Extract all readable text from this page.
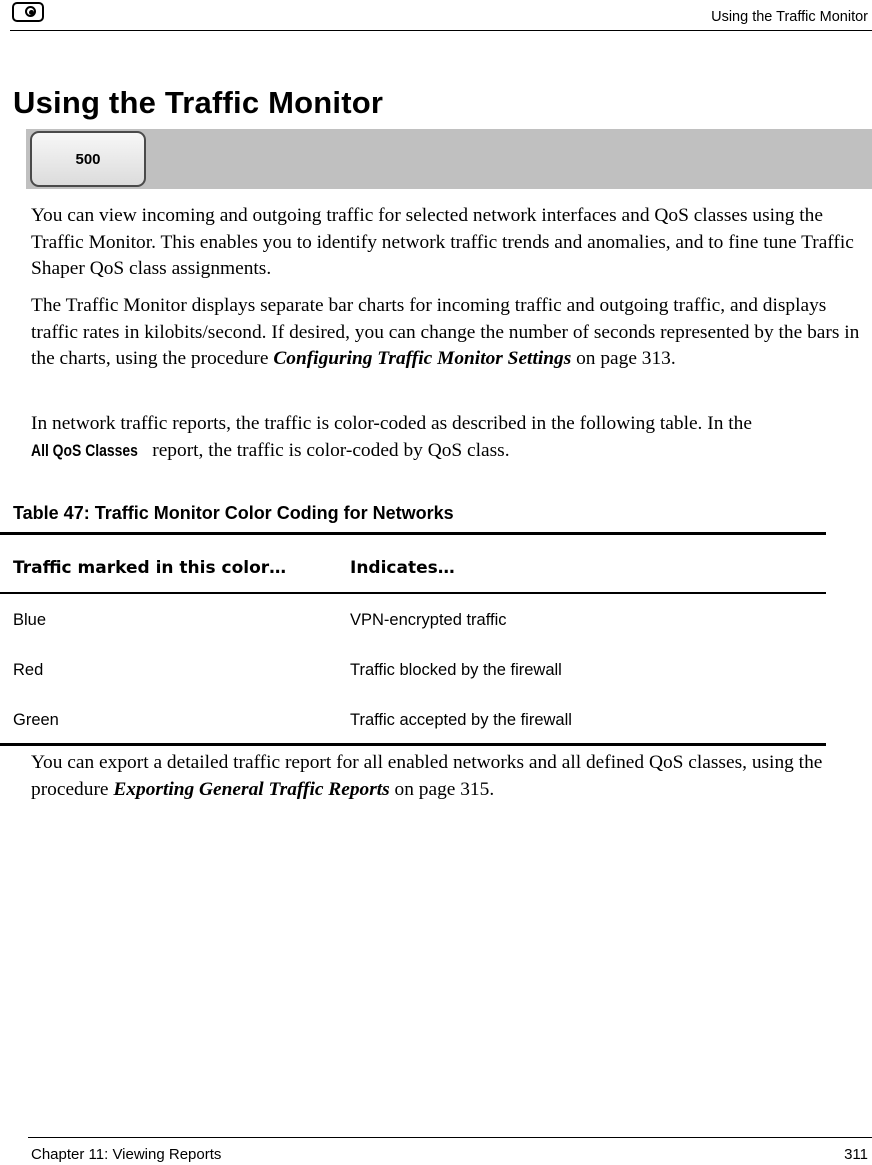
Using the Traffic Monitor
Using the Traffic Monitor
500

You can view incoming and outgoing traffic for selected network interfaces and QoS classes using the Traffic Monitor. This enables you to identify network traffic trends and anomalies, and to fine tune Traffic Shaper QoS class assignments.

The Traffic Monitor displays separate bar charts for incoming traffic and outgoing traffic, and displays traffic rates in kilobits/second. If desired, you can change the number of seconds represented by the bars in the charts, using the procedure Configuring Traffic Monitor Settings on page 313.

In network traffic reports, the traffic is color-coded as described in the following table. In the All QoS Classes report, the traffic is color-coded by QoS class.

Table 47: Traffic Monitor Color Coding for Networks
Traffic marked in this color…	Indicates…
Blue	VPN-encrypted traffic
Red	Traffic blocked by the firewall
Green	Traffic accepted by the firewall

You can export a detailed traffic report for all enabled networks and all defined QoS classes, using the procedure Exporting General Traffic Reports on page 315.

Chapter 11: Viewing Reports	311
